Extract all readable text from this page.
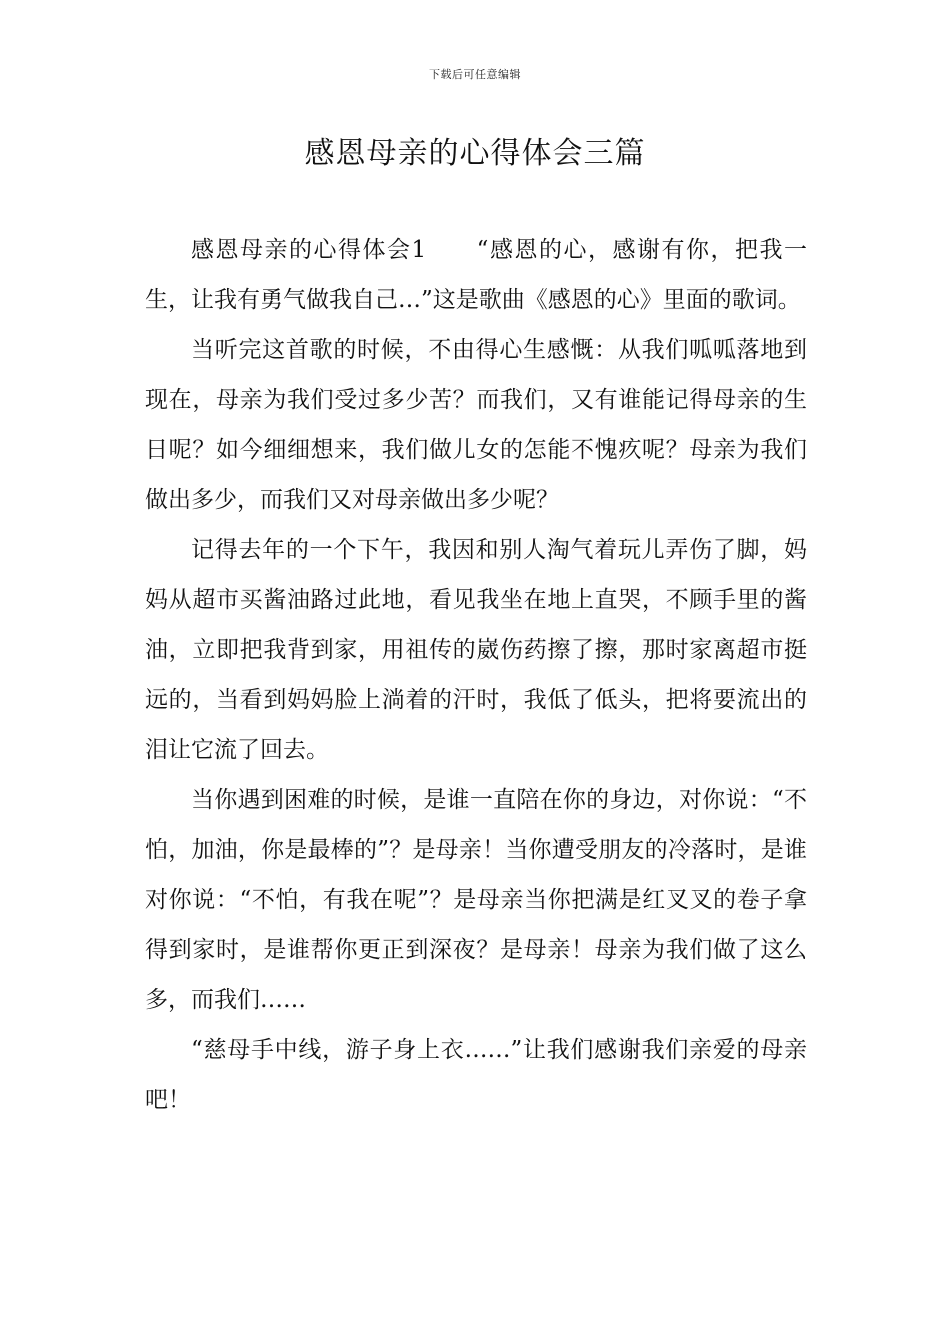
下载后可任意编辑
感恩母亲的心得体会三篇

感恩母亲的心得体会1　　“感恩的心，感谢有你，把我一生，让我有勇气做我自己…”这是歌曲《感恩的心》里面的歌词。

当听完这首歌的时候，不由得心生感慨：从我们呱呱落地到现在，母亲为我们受过多少苦？而我们，又有谁能记得母亲的生日呢？如今细细想来，我们做儿女的怎能不愧疚呢？母亲为我们做出多少，而我们又对母亲做出多少呢？

记得去年的一个下午，我因和别人淘气着玩儿弄伤了脚，妈妈从超市买酱油路过此地，看见我坐在地上直哭，不顾手里的酱油，立即把我背到家，用祖传的崴伤药擦了擦，那时家离超市挺远的，当看到妈妈脸上淌着的汗时，我低了低头，把将要流出的泪让它流了回去。

当你遇到困难的时候，是谁一直陪在你的身边，对你说：“不怕，加油，你是最棒的”？是母亲！当你遭受朋友的冷落时，是谁对你说：“不怕，有我在呢”？是母亲当你把满是红叉叉的卷子拿得到家时，是谁帮你更正到深夜？是母亲！母亲为我们做了这么多，而我们……

“慈母手中线，游子身上衣……”让我们感谢我们亲爱的母亲吧！
